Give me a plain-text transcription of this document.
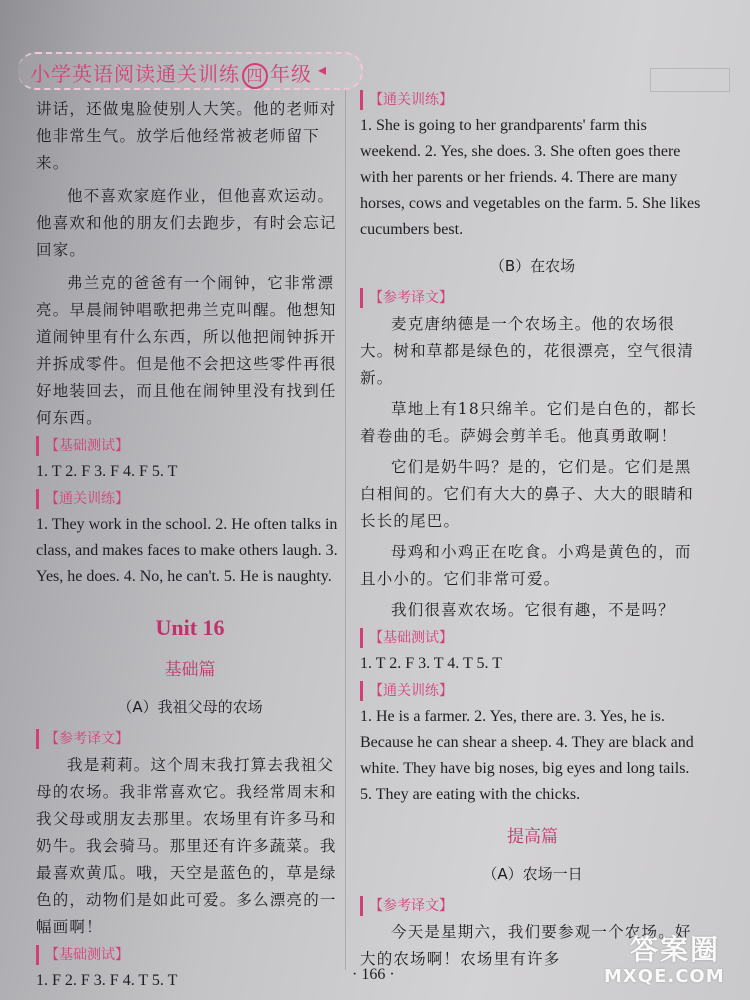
小学英语阅读通关训练 四 年级 ◂

讲话，还做鬼脸使别人大笑。他的老师对他非常生气。放学后他经常被老师留下来。

他不喜欢家庭作业，但他喜欢运动。他喜欢和他的朋友们去跑步，有时会忘记回家。

弗兰克的爸爸有一个闹钟，它非常漂亮。早晨闹钟唱歌把弗兰克叫醒。他想知道闹钟里有什么东西，所以他把闹钟拆开并拆成零件。但是他不会把这些零件再很好地装回去，而且他在闹钟里没有找到任何东西。

【基础测试】

1. T 2. F 3. F 4. F 5. T

【通关训练】

1. They work in the school. 2. He often talks in class, and makes faces to make others laugh. 3. Yes, he does. 4. No, he can't. 5. He is naughty.

Unit 16
基础篇
（A）我祖父母的农场
【参考译文】

我是莉莉。这个周末我打算去我祖父母的农场。我非常喜欢它。我经常周末和我父母或朋友去那里。农场里有许多马和奶牛。我会骑马。那里还有许多蔬菜。我最喜欢黄瓜。哦，天空是蓝色的，草是绿色的，动物们是如此可爱。多么漂亮的一幅画啊！

【基础测试】

1. F 2. F 3. F 4. T 5. T

【通关训练】

1. She is going to her grandparents' farm this weekend. 2. Yes, she does. 3. She often goes there with her parents or her friends. 4. There are many horses, cows and vegetables on the farm. 5. She likes cucumbers best.

（B）在农场
【参考译文】

麦克唐纳德是一个农场主。他的农场很大。树和草都是绿色的，花很漂亮，空气很清新。

草地上有18只绵羊。它们是白色的，都长着卷曲的毛。萨姆会剪羊毛。他真勇敢啊！

它们是奶牛吗？是的，它们是。它们是黑白相间的。它们有大大的鼻子、大大的眼睛和长长的尾巴。

母鸡和小鸡正在吃食。小鸡是黄色的，而且小小的。它们非常可爱。

我们很喜欢农场。它很有趣，不是吗？

【基础测试】

1. T 2. F 3. T 4. T 5. T

【通关训练】

1. He is a farmer. 2. Yes, there are. 3. Yes, he is. Because he can shear a sheep. 4. They are black and white. They have big noses, big eyes and long tails. 5. They are eating with the chicks.

提高篇
（A）农场一日
【参考译文】

今天是星期六，我们要参观一个农场。好大的农场啊！农场里有许多

· 166 ·
答案圈
MXQE.COM
